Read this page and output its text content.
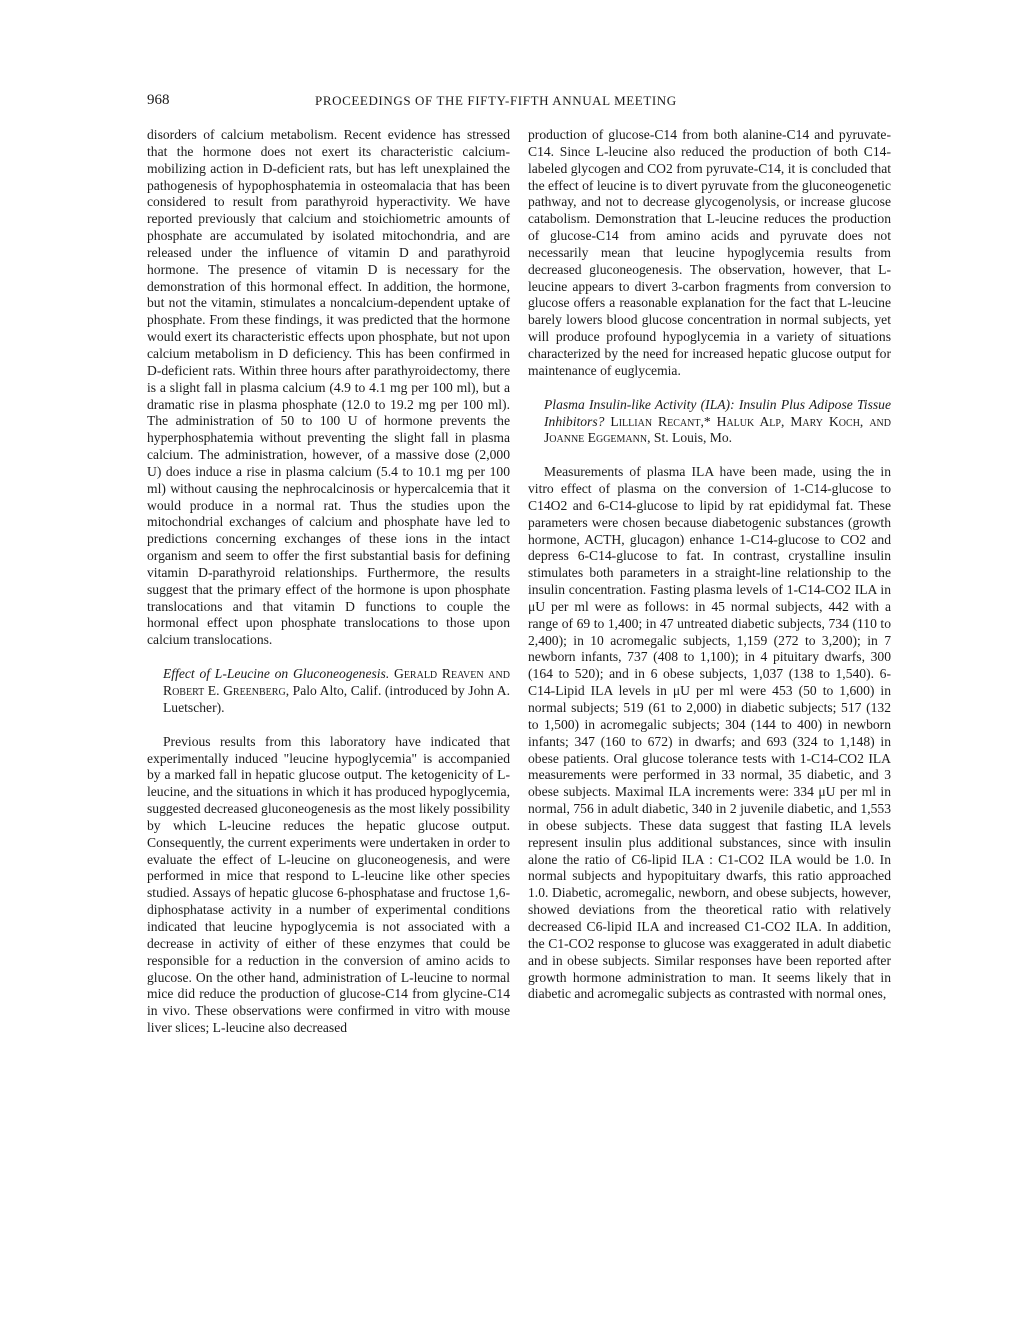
968	PROCEEDINGS OF THE FIFTY-FIFTH ANNUAL MEETING

disorders of calcium metabolism. Recent evidence has stressed that the hormone does not exert its characteristic calcium-mobilizing action in D-deficient rats, but has left unexplained the pathogenesis of hypophosphatemia in osteomalacia that has been considered to result from parathyroid hyperactivity. We have reported previously that calcium and stoichiometric amounts of phosphate are accumulated by isolated mitochondria, and are released under the influence of vitamin D and parathyroid hormone. The presence of vitamin D is necessary for the demonstration of this hormonal effect. In addition, the hormone, but not the vitamin, stimulates a noncalcium-dependent uptake of phosphate. From these findings, it was predicted that the hormone would exert its characteristic effects upon phosphate, but not upon calcium metabolism in D deficiency. This has been confirmed in D-deficient rats. Within three hours after parathyroidectomy, there is a slight fall in plasma calcium (4.9 to 4.1 mg per 100 ml), but a dramatic rise in plasma phosphate (12.0 to 19.2 mg per 100 ml). The administration of 50 to 100 U of hormone prevents the hyperphosphatemia without preventing the slight fall in plasma calcium. The administration, however, of a massive dose (2,000 U) does induce a rise in plasma calcium (5.4 to 10.1 mg per 100 ml) without causing the nephrocalcinosis or hypercalcemia that it would produce in a normal rat. Thus the studies upon the mitochondrial exchanges of calcium and phosphate have led to predictions concerning exchanges of these ions in the intact organism and seem to offer the first substantial basis for defining vitamin D-parathyroid relationships. Furthermore, the results suggest that the primary effect of the hormone is upon phosphate translocations and that vitamin D functions to couple the hormonal effect upon phosphate translocations to those upon calcium translocations.

Effect of L-Leucine on Gluconeogenesis. Gerald Reaven and Robert E. Greenberg, Palo Alto, Calif. (introduced by John A. Luetscher).

Previous results from this laboratory have indicated that experimentally induced "leucine hypoglycemia" is accompanied by a marked fall in hepatic glucose output. The ketogenicity of L-leucine, and the situations in which it has produced hypoglycemia, suggested decreased gluconeogenesis as the most likely possibility by which L-leucine reduces the hepatic glucose output. Consequently, the current experiments were undertaken in order to evaluate the effect of L-leucine on gluconeogenesis, and were performed in mice that respond to L-leucine like other species studied. Assays of hepatic glucose 6-phosphatase and fructose 1,6-diphosphatase activity in a number of experimental conditions indicated that leucine hypoglycemia is not associated with a decrease in activity of either of these enzymes that could be responsible for a reduction in the conversion of amino acids to glucose. On the other hand, administration of L-leucine to normal mice did reduce the production of glucose-C14 from glycine-C14 in vivo. These observations were confirmed in vitro with mouse liver slices; L-leucine also decreased

production of glucose-C14 from both alanine-C14 and pyruvate-C14. Since L-leucine also reduced the production of both C14-labeled glycogen and CO2 from pyruvate-C14, it is concluded that the effect of leucine is to divert pyruvate from the gluconeogenetic pathway, and not to decrease glycogenolysis, or increase glucose catabolism. Demonstration that L-leucine reduces the production of glucose-C14 from amino acids and pyruvate does not necessarily mean that leucine hypoglycemia results from decreased gluconeogenesis. The observation, however, that L-leucine appears to divert 3-carbon fragments from conversion to glucose offers a reasonable explanation for the fact that L-leucine barely lowers blood glucose concentration in normal subjects, yet will produce profound hypoglycemia in a variety of situations characterized by the need for increased hepatic glucose output for maintenance of euglycemia.

Plasma Insulin-like Activity (ILA): Insulin Plus Adipose Tissue Inhibitors? Lillian Recant,* Haluk Alp, Mary Koch, and Joanne Eggemann, St. Louis, Mo.

Measurements of plasma ILA have been made, using the in vitro effect of plasma on the conversion of 1-C14-glucose to C14O2 and 6-C14-glucose to lipid by rat epididymal fat. These parameters were chosen because diabetogenic substances (growth hormone, ACTH, glucagon) enhance 1-C14-glucose to CO2 and depress 6-C14-glucose to fat. In contrast, crystalline insulin stimulates both parameters in a straight-line relationship to the insulin concentration. Fasting plasma levels of 1-C14-CO2 ILA in μU per ml were as follows: in 45 normal subjects, 442 with a range of 69 to 1,400; in 47 untreated diabetic subjects, 734 (110 to 2,400); in 10 acromegalic subjects, 1,159 (272 to 3,200); in 7 newborn infants, 737 (408 to 1,100); in 4 pituitary dwarfs, 300 (164 to 520); and in 6 obese subjects, 1,037 (138 to 1,540). 6-C14-Lipid ILA levels in μU per ml were 453 (50 to 1,600) in normal subjects; 519 (61 to 2,000) in diabetic subjects; 517 (132 to 1,500) in acromegalic subjects; 304 (144 to 400) in newborn infants; 347 (160 to 672) in dwarfs; and 693 (324 to 1,148) in obese patients. Oral glucose tolerance tests with 1-C14-CO2 ILA measurements were performed in 33 normal, 35 diabetic, and 3 obese subjects. Maximal ILA increments were: 334 μU per ml in normal, 756 in adult diabetic, 340 in 2 juvenile diabetic, and 1,553 in obese subjects. These data suggest that fasting ILA levels represent insulin plus additional substances, since with insulin alone the ratio of C6-lipid ILA : C1-CO2 ILA would be 1.0. In normal subjects and hypopituitary dwarfs, this ratio approached 1.0. Diabetic, acromegalic, newborn, and obese subjects, however, showed deviations from the theoretical ratio with relatively decreased C6-lipid ILA and increased C1-CO2 ILA. In addition, the C1-CO2 response to glucose was exaggerated in adult diabetic and in obese subjects. Similar responses have been reported after growth hormone administration to man. It seems likely that in diabetic and acromegalic subjects as contrasted with normal ones,
